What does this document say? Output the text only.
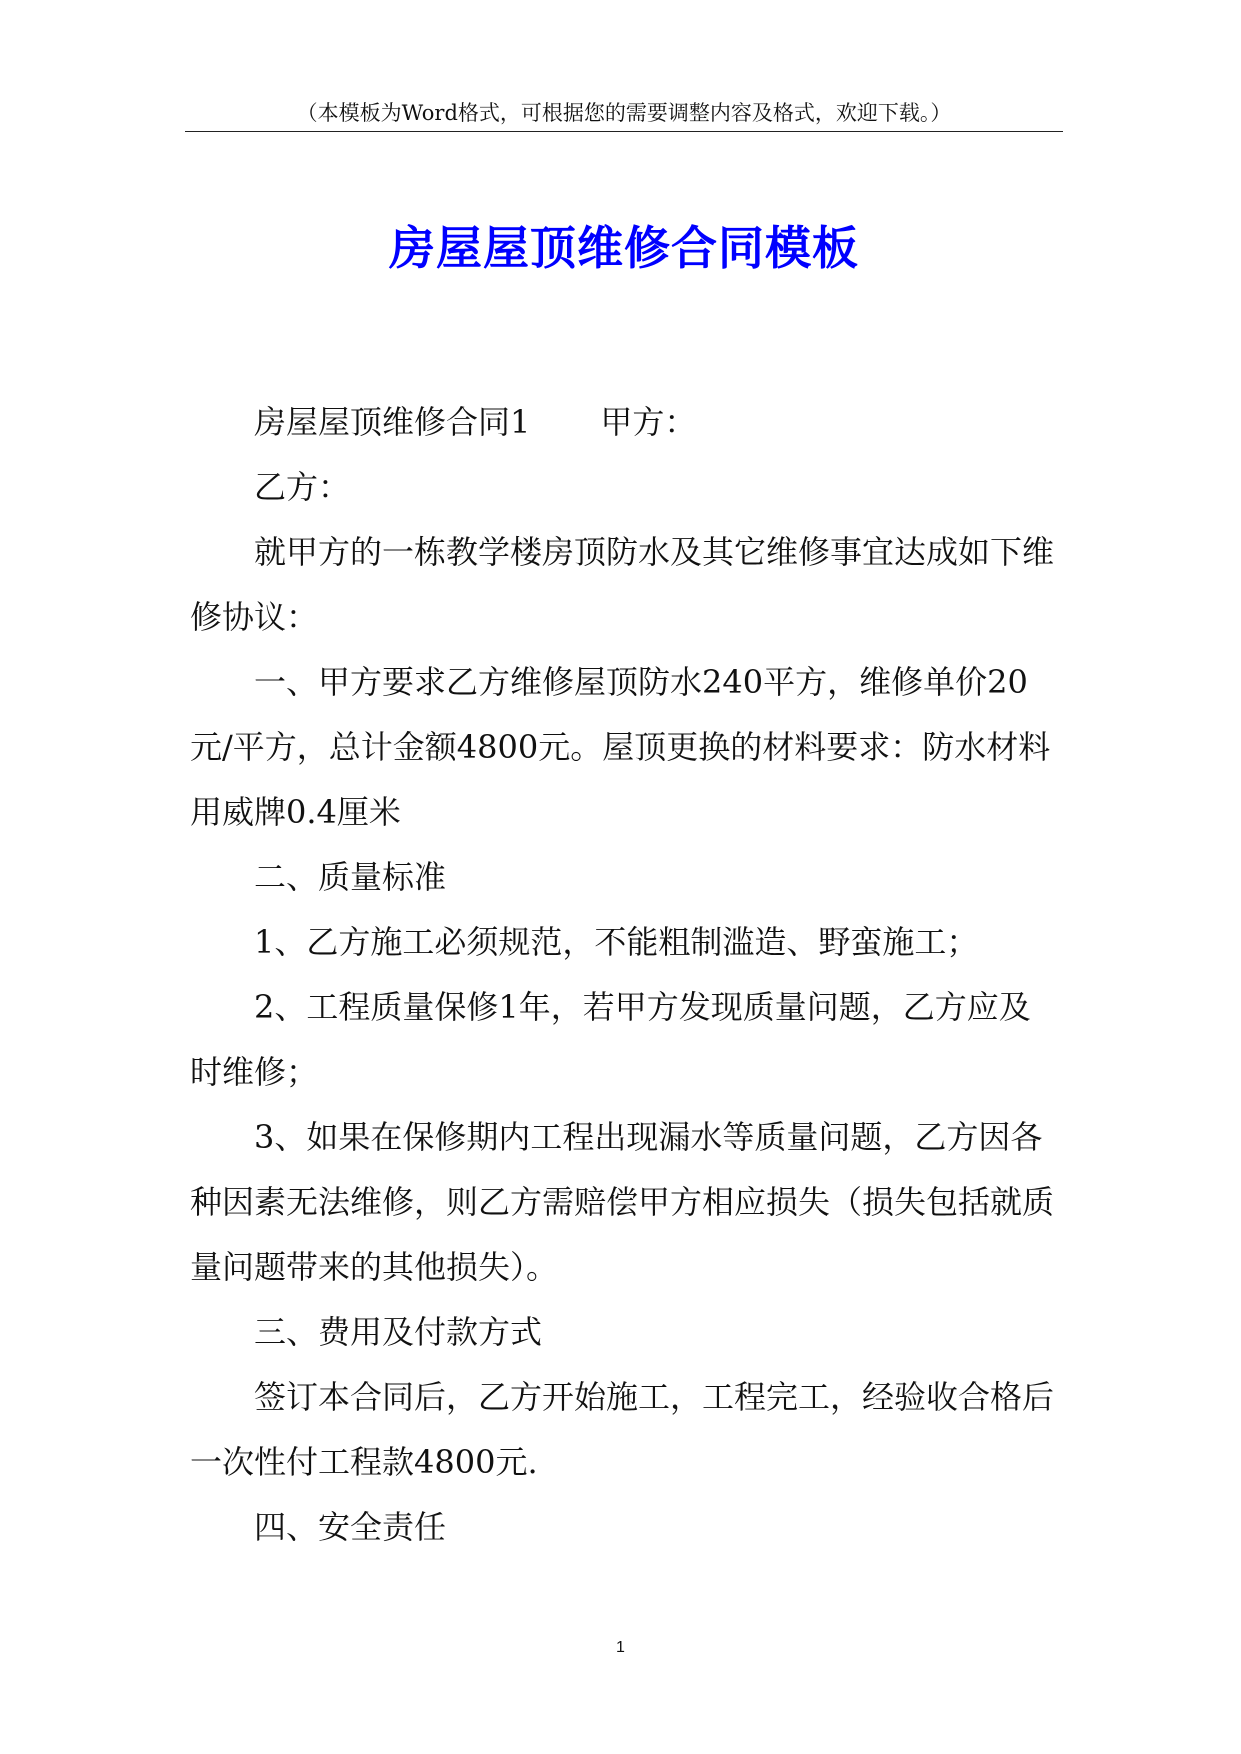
（本模板为Word格式，可根据您的需要调整内容及格式，欢迎下载。）
房屋屋顶维修合同模板

房屋屋顶维修合同1 甲方：

乙方：

就甲方的一栋教学楼房顶防水及其它维修事宜达成如下维修协议：

一、甲方要求乙方维修屋顶防水240平方，维修单价20元/平方，总计金额4800元。屋顶更换的材料要求：防水材料用威牌0.4厘米

二、质量标准

1、乙方施工必须规范，不能粗制滥造、野蛮施工；

2、工程质量保修1年，若甲方发现质量问题，乙方应及时维修；

3、如果在保修期内工程出现漏水等质量问题，乙方因各种因素无法维修，则乙方需赔偿甲方相应损失（损失包括就质量问题带来的其他损失）。

三、费用及付款方式

签订本合同后，乙方开始施工，工程完工，经验收合格后一次性付工程款4800元.

四、安全责任

1
